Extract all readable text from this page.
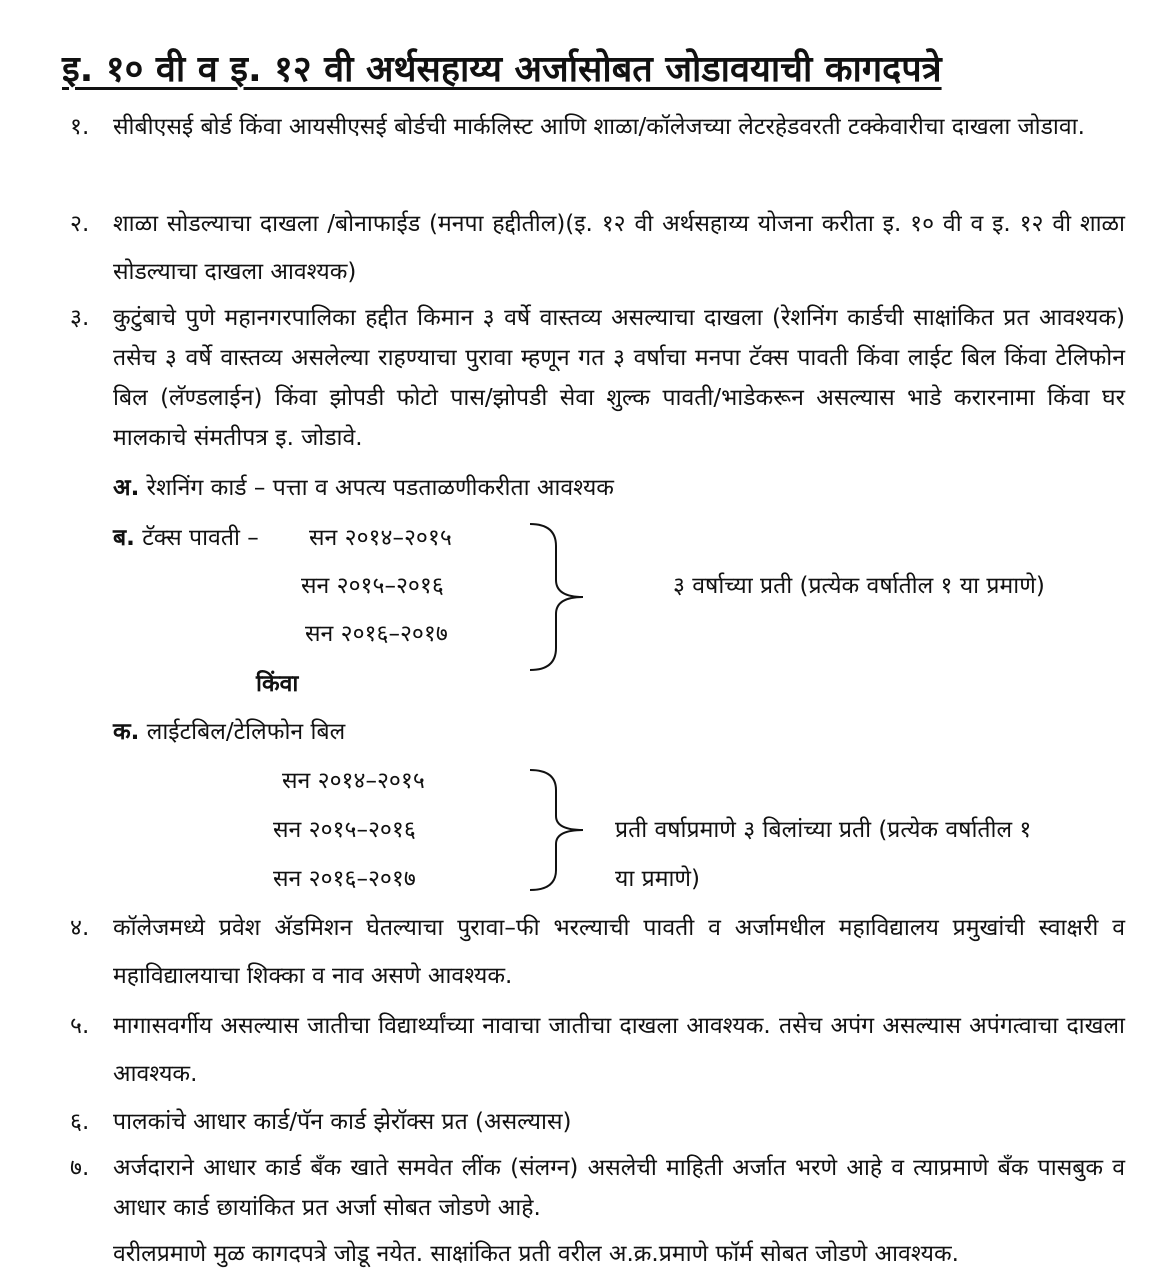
इ. १० वी व इ. १२ वी अर्थसहाय्य अर्जासोबत जोडावयाची कागदपत्रे
१.	सीबीएसई बोर्ड किंवा आयसीएसई बोर्डची मार्कलिस्ट आणि शाळा/कॉलेजच्या लेटरहेडवरती टक्केवारीचा दाखला जोडावा.
२.	शाळा सोडल्याचा दाखला /बोनाफाईड (मनपा हद्दीतील)(इ. १२ वी अर्थसहाय्य योजना करीता इ. १० वी व इ. १२ वी शाळा सोडल्याचा दाखला आवश्यक)
३.	कुटुंबाचे पुणे महानगरपालिका हद्दीत किमान ३ वर्षे वास्तव्य असल्याचा दाखला (रेशनिंग कार्डची साक्षांकित प्रत आवश्यक) तसेच ३ वर्षे वास्तव्य असलेल्या राहण्याचा पुरावा म्हणून गत ३ वर्षाचा मनपा टॅक्स पावती किंवा लाईट बिल किंवा टेलिफोन बिल (लॅण्डलाईन) किंवा झोपडी फोटो पास/झोपडी सेवा शुल्क पावती/भाडेकरून असल्यास भाडे करारनामा किंवा घर मालकाचे संमतीपत्र इ. जोडावे.
अ. रेशनिंग कार्ड – पत्ता व अपत्य पडताळणीकरीता आवश्यक
ब. टॅक्स पावती – सन २०१४–२०१५
सन २०१५–२०१६
सन २०१६–२०१७
३ वर्षाच्या प्रती (प्रत्येक वर्षातील १ या प्रमाणे)
किंवा
क. लाईटबिल/टेलिफोन बिल
सन २०१४–२०१५
सन २०१५–२०१६
सन २०१६–२०१७
प्रती वर्षाप्रमाणे ३ बिलांच्या प्रती (प्रत्येक वर्षातील १
या प्रमाणे)
४.	कॉलेजमध्ये प्रवेश ॲडमिशन घेतल्याचा पुरावा–फी भरल्याची पावती व अर्जामधील महाविद्यालय प्रमुखांची स्वाक्षरी व महाविद्यालयाचा शिक्का व नाव असणे आवश्यक.
५.	मागासवर्गीय असल्यास जातीचा विद्यार्थ्यांच्या नावाचा जातीचा दाखला आवश्यक. तसेच अपंग असल्यास अपंगत्वाचा दाखला आवश्यक.
६.	पालकांचे आधार कार्ड/पॅन कार्ड झेरॉक्स प्रत (असल्यास)
७.	अर्जदाराने आधार कार्ड बँक खाते समवेत लींक (संलग्न) असलेची माहिती अर्जात भरणे आहे व त्याप्रमाणे बँक पासबुक व आधार कार्ड छायांकित प्रत अर्जा सोबत जोडणे आहे.
वरीलप्रमाणे मुळ कागदपत्रे जोडू नयेत. साक्षांकित प्रती वरील अ.क्र.प्रमाणे फॉर्म सोबत जोडणे आवश्यक.
